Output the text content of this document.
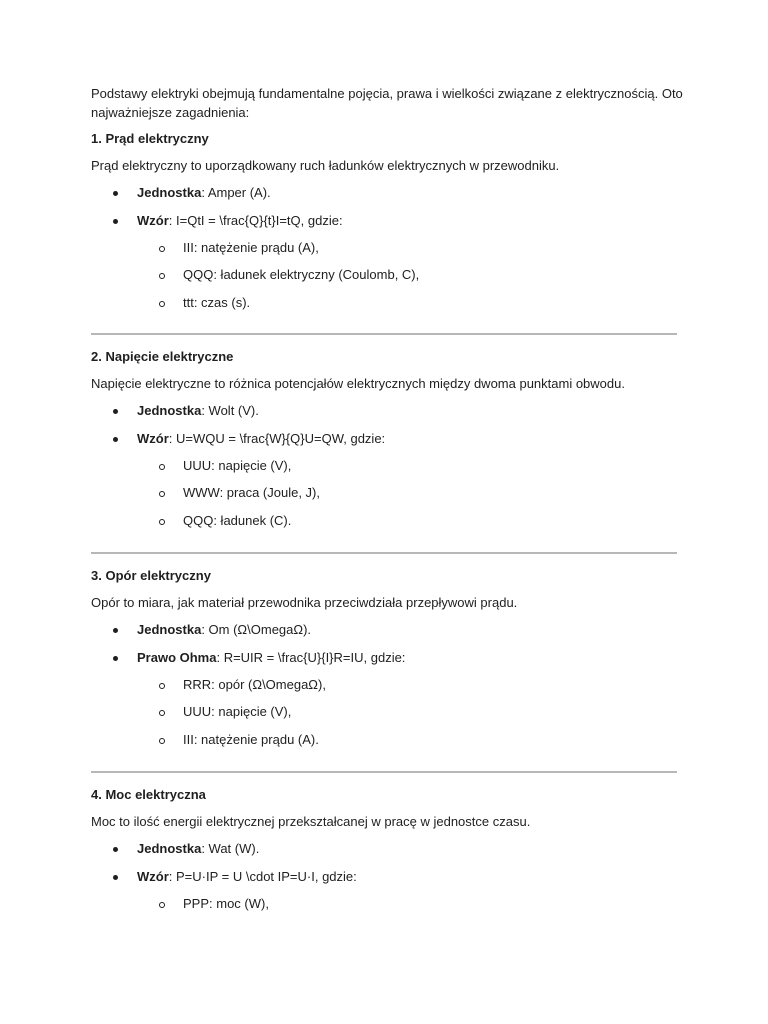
Podstawy elektryki obejmują fundamentalne pojęcia, prawa i wielkości związane z elektrycznością. Oto najważniejsze zagadnienia:
1. Prąd elektryczny
Prąd elektryczny to uporządkowany ruch ładunków elektrycznych w przewodniku.
Jednostka: Amper (A).
Wzór: I=QtI = \frac{Q}{t}I=tQ, gdzie:
III: natężenie prądu (A),
QQQ: ładunek elektryczny (Coulomb, C),
ttt: czas (s).
2. Napięcie elektryczne
Napięcie elektryczne to różnica potencjałów elektrycznych między dwoma punktami obwodu.
Jednostka: Wolt (V).
Wzór: U=WQU = \frac{W}{Q}U=QW, gdzie:
UUU: napięcie (V),
WWW: praca (Joule, J),
QQQ: ładunek (C).
3. Opór elektryczny
Opór to miara, jak materiał przewodnika przeciwdziała przepływowi prądu.
Jednostka: Om (Ω\OmegaΩ).
Prawo Ohma: R=UIR = \frac{U}{I}R=IU, gdzie:
RRR: opór (Ω\OmegaΩ),
UUU: napięcie (V),
III: natężenie prądu (A).
4. Moc elektryczna
Moc to ilość energii elektrycznej przekształcanej w pracę w jednostce czasu.
Jednostka: Wat (W).
Wzór: P=U·IP = U \cdot IP=U·I, gdzie:
PPP: moc (W),
